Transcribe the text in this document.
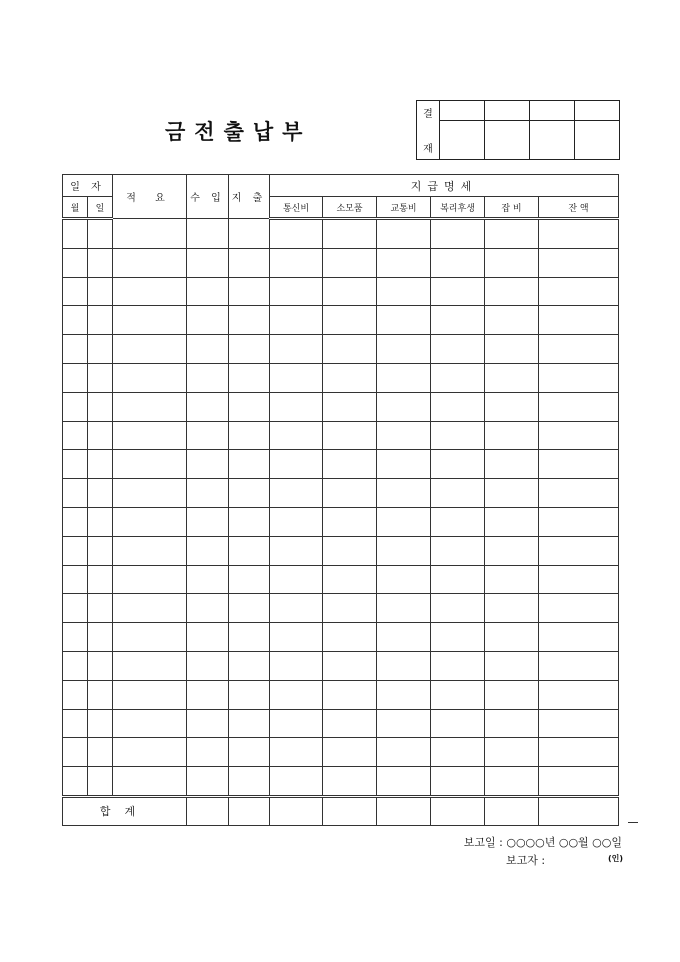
금전출납부
결
재				

일 자		적 요	수 입	지 출	지급명세					
월	일				통신비	소모품	교통비	복리후생	잡 비	잔 액

합계										
보고일 : ○○○○년 ○○월 ○○일
보고자 :	(인)
